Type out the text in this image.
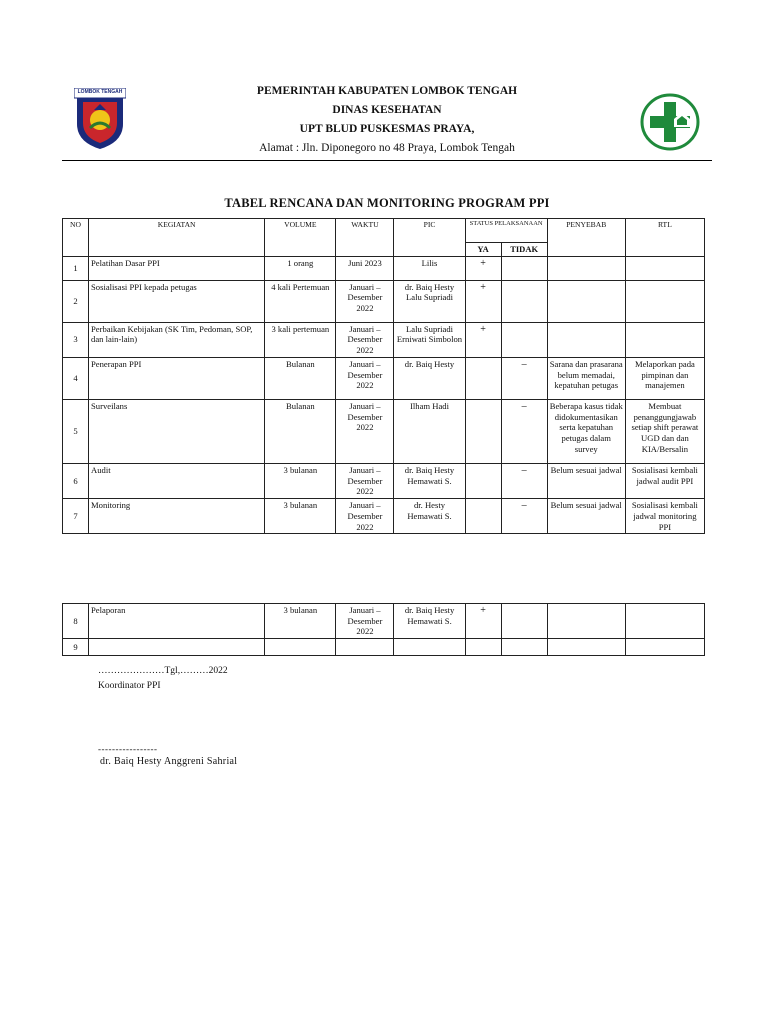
LOMBOK TENGAH	PEMERINTAH KABUPATEN LOMBOK TENGAH
DINAS KESEHATAN
UPT BLUD PUSKESMAS PRAYA,
Alamat : Jln. Diponegoro no 48 Praya, Lombok Tengah
TABEL RENCANA DAN MONITORING PROGRAM PPI
NO	KEGIATAN	VOLUME	WAKTU	PIC	STATUS PELAKSANAAN		PENYEBAB	RTL
					YA	TIDAK		
1	Pelatihan Dasar PPI	1 orang	Juni 2023	Lilis	+			
2	Sosialisasi PPI kepada petugas	4 kali Pertemuan	Januari – Desember 2022	dr. Baiq Hesty Lalu Supriadi	+			
3	Perbaikan Kebijakan (SK Tim, Pedoman, SOP, dan lain-lain)	3 kali pertemuan	Januari – Desember 2022	Lalu Supriadi Erniwati Simbolon	+			
4	Penerapan PPI	Bulanan	Januari – Desember 2022	dr. Baiq Hesty		–	Sarana dan prasarana belum memadai, kepatuhan petugas	Melaporkan pada pimpinan dan manajemen
5	Surveilans	Bulanan	Januari – Desember 2022	Ilham Hadi		–	Beberapa kasus tidak didokumentasikan serta kepatuhan petugas dalam survey	Membuat penanggungjawab setiap shift perawat UGD dan dan KIA/Bersalin
6	Audit	3 bulanan	Januari – Desember 2022	dr. Baiq Hesty Hemawati S.		–	Belum sesuai jadwal	Sosialisasi kembali jadwal audit PPI
7	Monitoring	3 bulanan	Januari – Desember 2022	dr. Hesty Hemawati S.		–	Belum sesuai jadwal	Sosialisasi kembali jadwal monitoring PPI
8	Pelaporan	3 bulanan	Januari – Desember 2022	dr. Baiq Hesty Hemawati S.	+			
9								
…………………Tgl,………2022
Koordinator PPI
-----------------
dr. Baiq Hesty Anggreni Sahrial
